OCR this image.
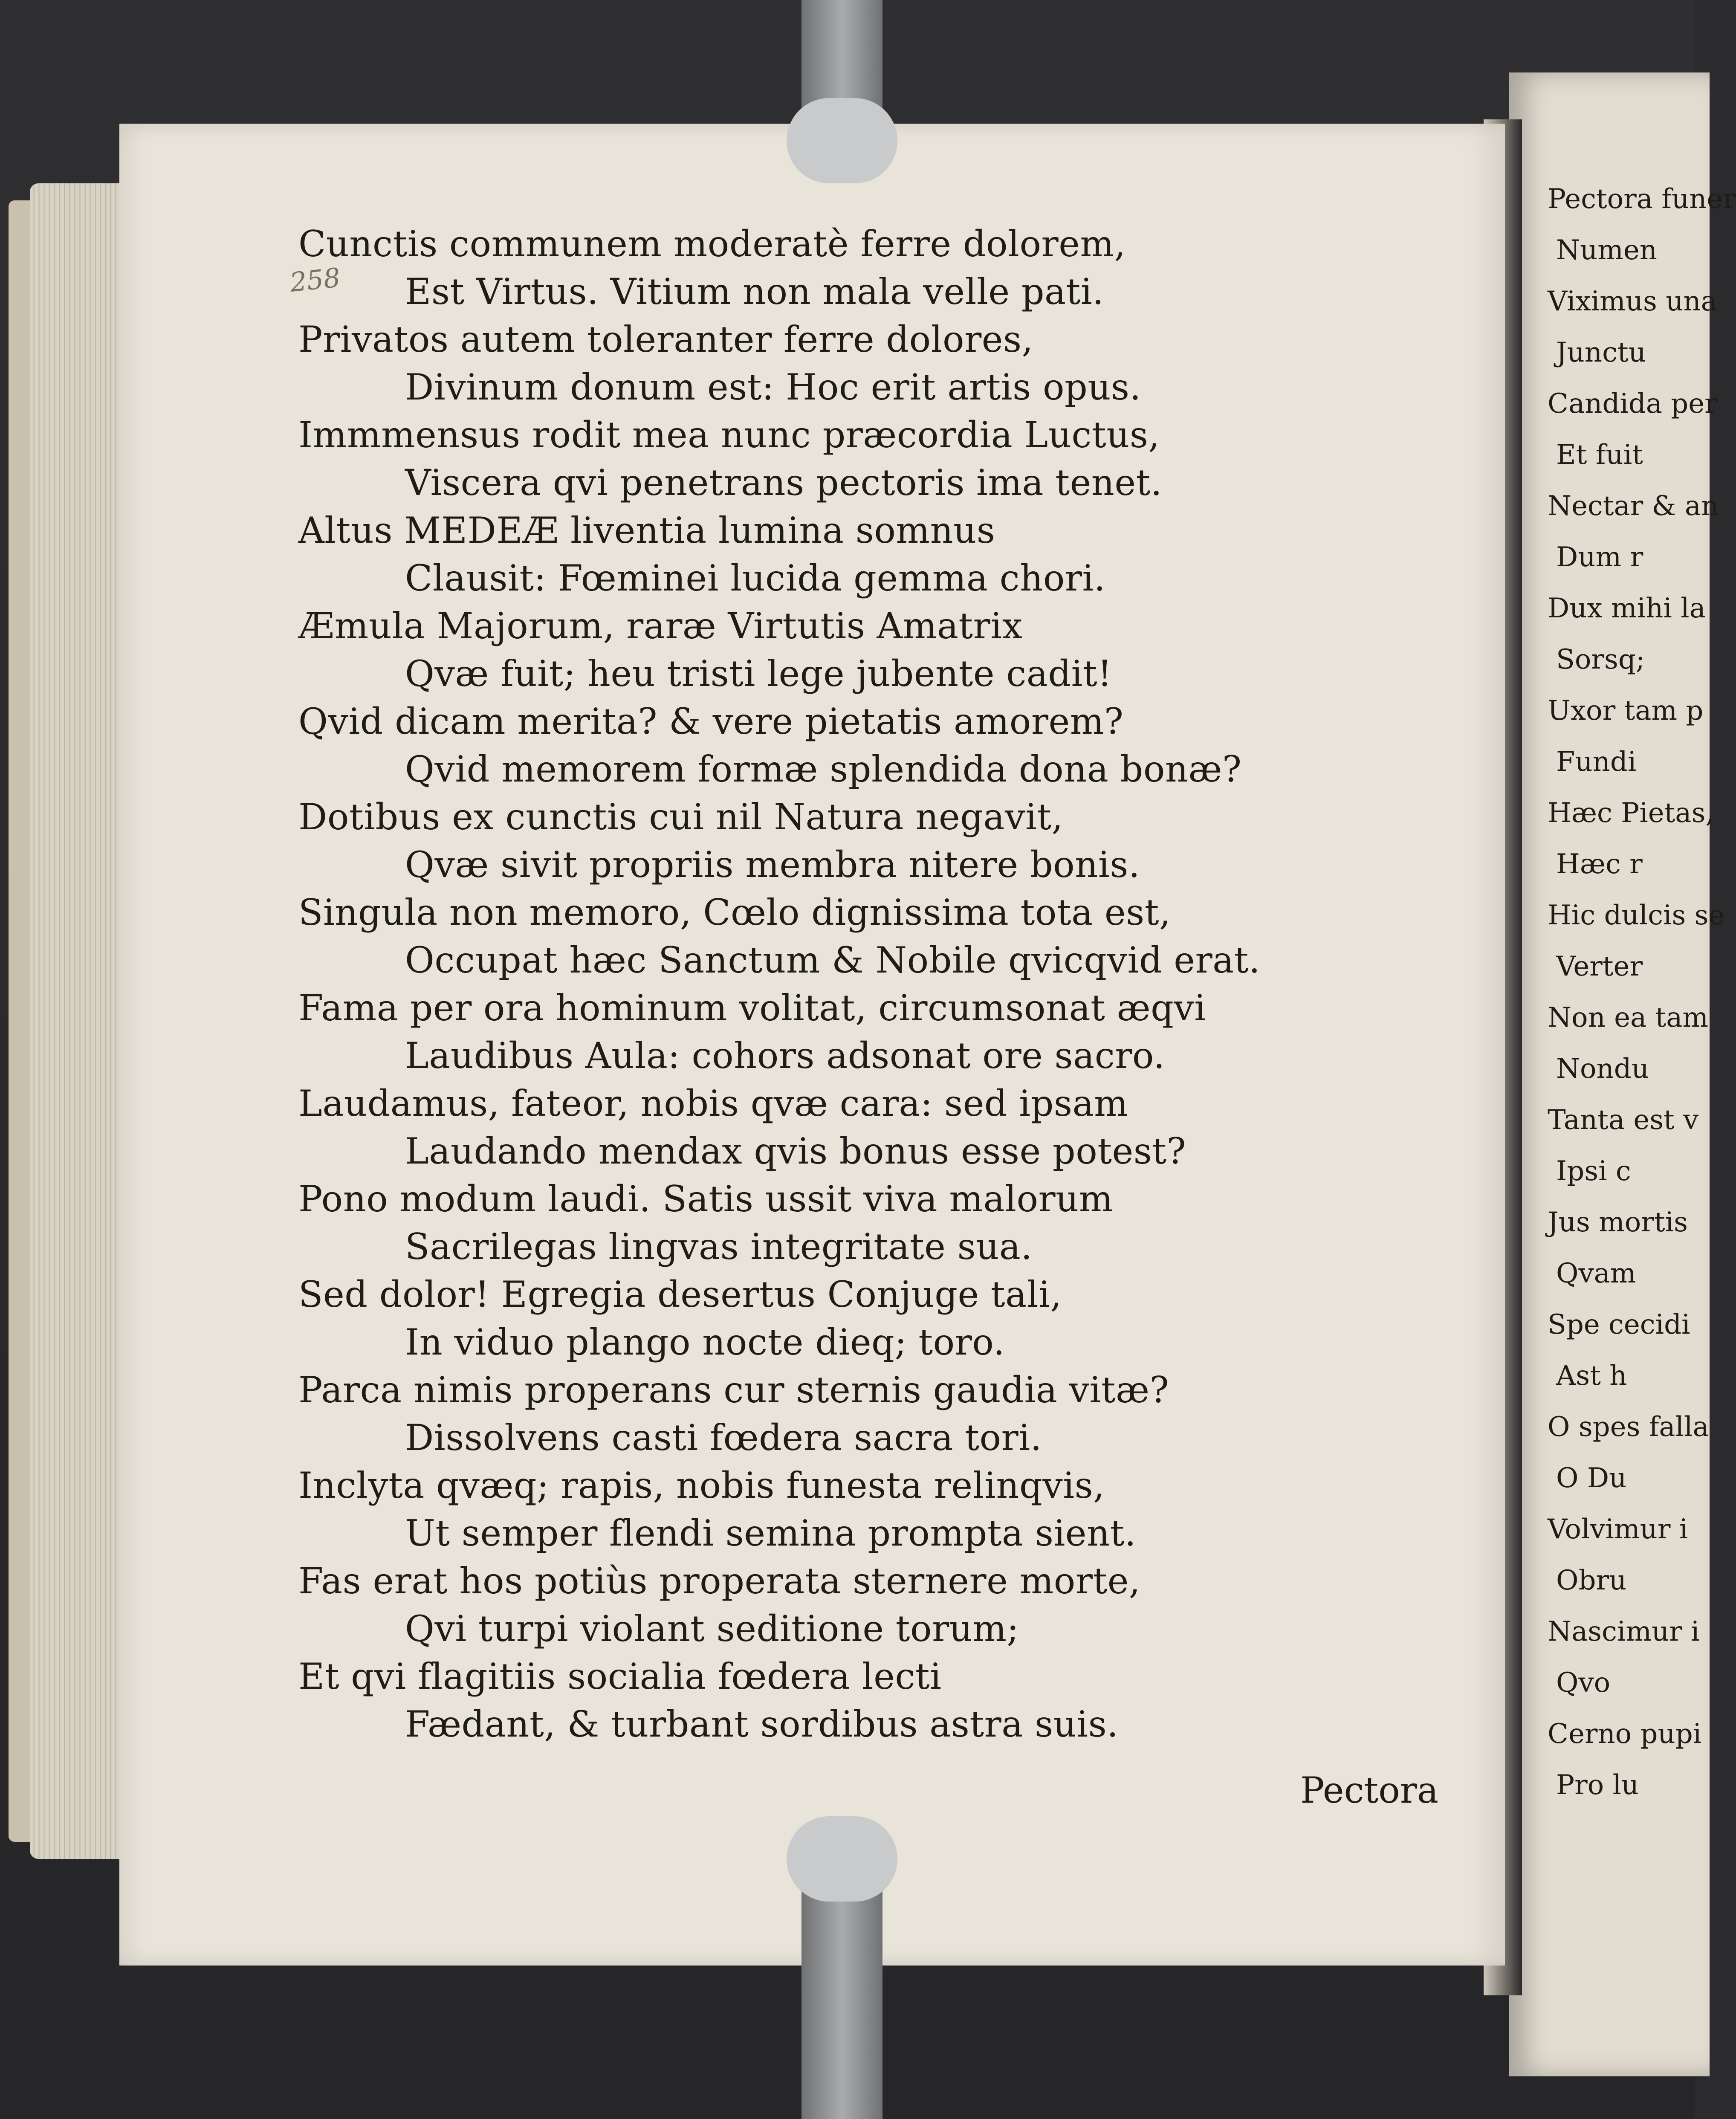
Pectora funer
Numen
Viximus una
Junctu
Candida per
Et fuit
Nectar & an
Dum r
Dux mihi la
Sorsq;
Uxor tam p
Fundi
Hæc Pietas,
Hæc r
Hic dulcis se
Verter
Non ea tam
Nondu
Tanta est v
Ipsi c
Jus mortis
Qvam
Spe cecidi
Ast h
O spes falla
O Du
Volvimur i
Obru
Nascimur i
Qvo
Cerno pupi
Pro lu
258
Cunctis communem moderatè ferre dolorem,
Est Virtus. Vitium non mala velle pati.
Privatos autem toleranter ferre dolores,
Divinum donum est: Hoc erit artis opus.
Immmensus rodit mea nunc præcordia Luctus,
Viscera qvi penetrans pectoris ima tenet.
Altus MEDEÆ liventia lumina somnus
Clausit: Fœminei lucida gemma chori.
Æmula Majorum, raræ Virtutis Amatrix
Qvæ fuit; heu tristi lege jubente cadit!
Qvid dicam merita? & vere pietatis amorem?
Qvid memorem formæ splendida dona bonæ?
Dotibus ex cunctis cui nil Natura negavit,
Qvæ sivit propriis membra nitere bonis.
Singula non memoro, Cœlo dignissima tota est,
Occupat hæc Sanctum & Nobile qvicqvid erat.
Fama per ora hominum volitat, circumsonat æqvi
Laudibus Aula: cohors adsonat ore sacro.
Laudamus, fateor, nobis qvæ cara: sed ipsam
Laudando mendax qvis bonus esse potest?
Pono modum laudi. Satis ussit viva malorum
Sacrilegas lingvas integritate sua.
Sed dolor! Egregia desertus Conjuge tali,
In viduo plango nocte dieq; toro.
Parca nimis properans cur sternis gaudia vitæ?
Dissolvens casti fœdera sacra tori.
Inclyta qvæq; rapis, nobis funesta relinqvis,
Ut semper flendi semina prompta sient.
Fas erat hos potiùs properata sternere morte,
Qvi turpi violant seditione torum;
Et qvi flagitiis socialia fœdera lecti
Fædant, & turbant sordibus astra suis.
Pectora
